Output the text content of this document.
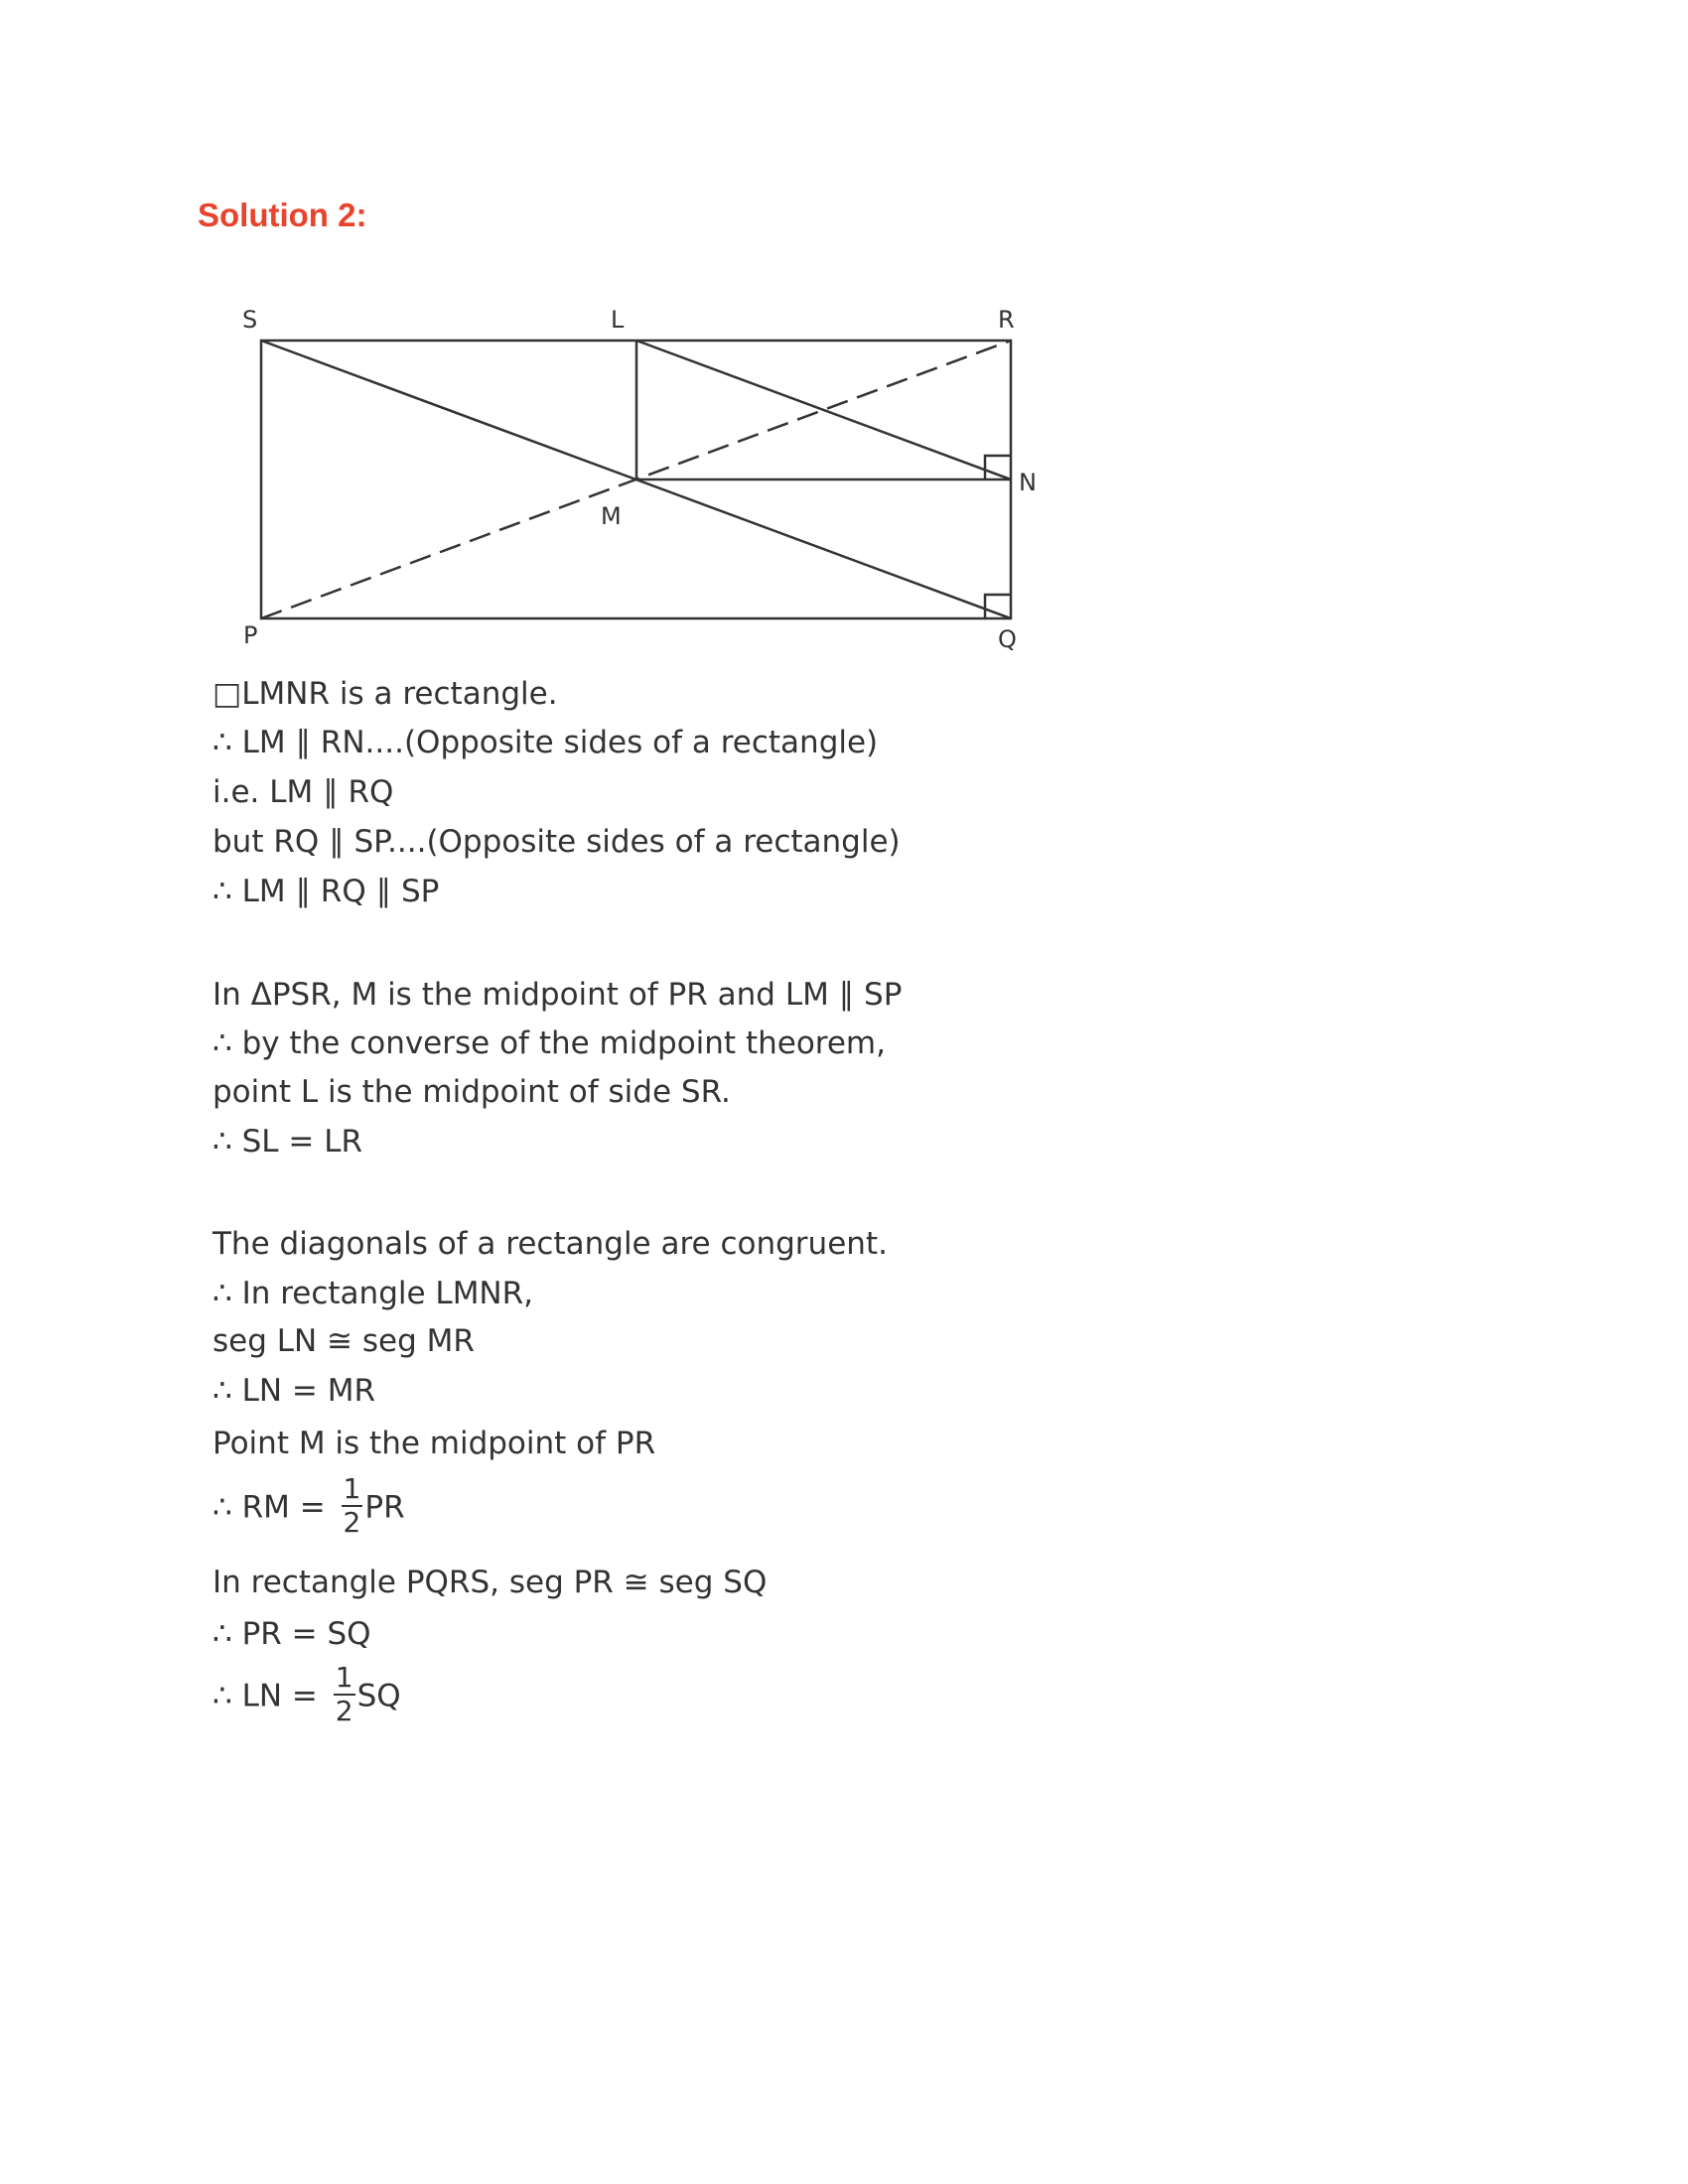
Solution 2:
S	L	R
N
M
P	Q
□LMNR is a rectangle.
∴ LM ∥ RN....(Opposite sides of a rectangle)
i.e. LM ∥ RQ
but RQ ∥ SP....(Opposite sides of a rectangle)
∴ LM ∥ RQ ∥ SP
In ΔPSR, M is the midpoint of PR and LM ∥ SP
∴ by the converse of the midpoint theorem,
point L is the midpoint of side SR.
∴ SL = LR
The diagonals of a rectangle are congruent.
∴ In rectangle LMNR,
seg LN ≅ seg MR
∴ LN = MR
Point M is the midpoint of PR
∴ RM = $\frac{1}{2}$ PR
In rectangle PQRS, seg PR ≅ seg SQ
∴ PR = SQ
∴ LN = $\frac{1}{2}$ SQ
